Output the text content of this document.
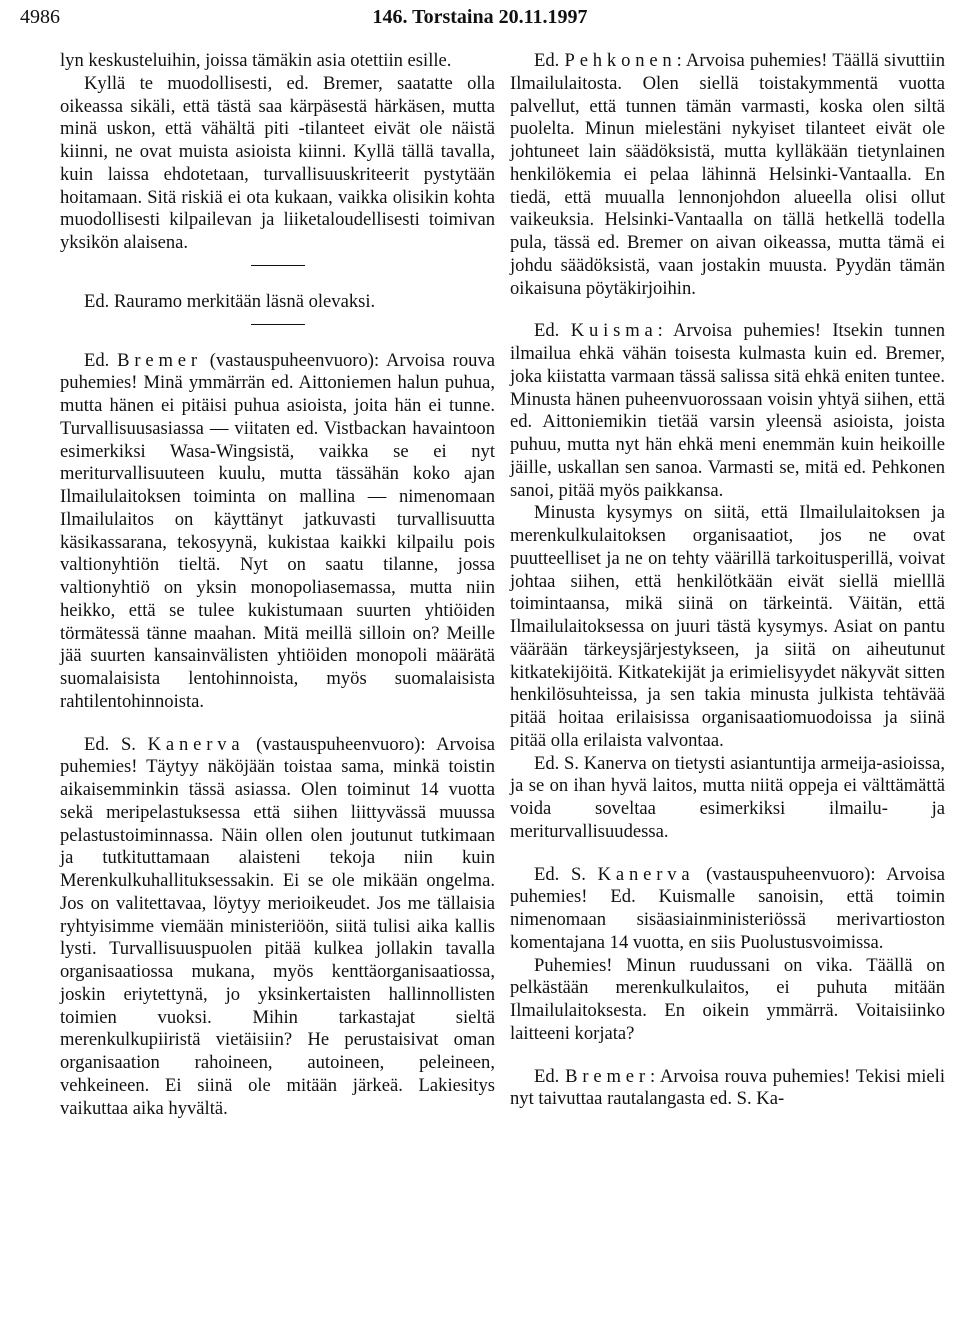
4986	146. Torstaina 20.11.1997

lyn keskusteluihin, joissa tämäkin asia otettiin esille.

Kyllä te muodollisesti, ed. Bremer, saatatte olla oikeassa sikäli, että tästä saa kärpäsestä härkäsen, mutta minä uskon, että vähältä piti -tilanteet eivät ole näistä kiinni, ne ovat muista asioista kiinni. Kyllä tällä tavalla, kuin laissa ehdotetaan, turvallisuuskriteerit pystytään hoitamaan. Sitä riskiä ei ota kukaan, vaikka olisikin kohta muodollisesti kilpailevan ja liiketaloudellisesti toimivan yksikön alaisena.

Ed. Rauramo merkitään läsnä olevaksi.

Ed. Bremer (vastauspuheenvuoro): Arvoisa rouva puhemies! Minä ymmärrän ed. Aittoniemen halun puhua, mutta hänen ei pitäisi puhua asioista, joita hän ei tunne. Turvallisuusasiassa — viitaten ed. Vistbackan havaintoon esimerkiksi Wasa-Wingsistä, vaikka se ei nyt meriturvallisuuteen kuulu, mutta tässähän koko ajan Ilmailulaitoksen toiminta on mallina — nimenomaan Ilmailulaitos on käyttänyt jatkuvasti turvallisuutta käsikassarana, tekosyynä, kukistaa kaikki kilpailu pois valtionyhtiön tieltä. Nyt on saatu tilanne, jossa valtionyhtiö on yksin monopoliasemassa, mutta niin heikko, että se tulee kukistumaan suurten yhtiöiden törmätessä tänne maahan. Mitä meillä silloin on? Meille jää suurten kansainvälisten yhtiöiden monopoli määrätä suomalaisista lentohinnoista, myös suomalaisista rahtilentohinnoista.

Ed. S. Kanerva (vastauspuheenvuoro): Arvoisa puhemies! Täytyy näköjään toistaa sama, minkä toistin aikaisemminkin tässä asiassa. Olen toiminut 14 vuotta sekä meripelastuksessa että siihen liittyvässä muussa pelastustoiminnassa. Näin ollen olen joutunut tutkimaan ja tutkituttamaan alaisteni tekoja niin kuin Merenkulkuhallituksessakin. Ei se ole mikään ongelma. Jos on valitettavaa, löytyy merioikeudet. Jos me tällaisia ryhtyisimme viemään ministeriöön, siitä tulisi aika kallis lysti. Turvallisuuspuolen pitää kulkea jollakin tavalla organisaatiossa mukana, myös kenttäorganisaatiossa, joskin eriytettynä, jo yksinkertaisten hallinnollisten toimien vuoksi. Mihin tarkastajat sieltä merenkulkupiiristä vietäisiin? He perustaisivat oman organisaation rahoineen, autoineen, peleineen, vehkeineen. Ei siinä ole mitään järkeä. Lakiesitys vaikuttaa aika hyvältä.

Ed. Pehkonen: Arvoisa puhemies! Täällä sivuttiin Ilmailulaitosta. Olen siellä toistakymmentä vuotta palvellut, että tunnen tämän varmasti, koska olen siltä puolelta. Minun mielestäni nykyiset tilanteet eivät ole johtuneet lain säädöksistä, mutta kylläkään tietynlainen henkilökemia ei pelaa lähinnä Helsinki-Vantaalla. En tiedä, että muualla lennonjohdon alueella olisi ollut vaikeuksia. Helsinki-Vantaalla on tällä hetkellä todella pula, tässä ed. Bremer on aivan oikeassa, mutta tämä ei johdu säädöksistä, vaan jostakin muusta. Pyydän tämän oikaisuna pöytäkirjoihin.

Ed. Kuisma: Arvoisa puhemies! Itsekin tunnen ilmailua ehkä vähän toisesta kulmasta kuin ed. Bremer, joka kiistatta varmaan tässä salissa sitä ehkä eniten tuntee. Minusta hänen puheenvuorossaan voisin yhtyä siihen, että ed. Aittoniemikin tietää varsin yleensä asioista, joista puhuu, mutta nyt hän ehkä meni enemmän kuin heikoille jäille, uskallan sen sanoa. Varmasti se, mitä ed. Pehkonen sanoi, pitää myös paikkansa.

Minusta kysymys on siitä, että Ilmailulaitoksen ja merenkulkulaitoksen organisaatiot, jos ne ovat puutteelliset ja ne on tehty väärillä tarkoitusperillä, voivat johtaa siihen, että henkilötkään eivät siellä mielllä toimintaansa, mikä siinä on tärkeintä. Väitän, että Ilmailulaitoksessa on juuri tästä kysymys. Asiat on pantu väärään tärkeysjärjestykseen, ja siitä on aiheutunut kitkatekijöitä. Kitkatekijät ja erimielisyydet näkyvät sitten henkilösuhteissa, ja sen takia minusta julkista tehtävää pitää hoitaa erilaisissa organisaatiomuodoissa ja siinä pitää olla erilaista valvontaa.

Ed. S. Kanerva on tietysti asiantuntija armeija-asioissa, ja se on ihan hyvä laitos, mutta niitä oppeja ei välttämättä voida soveltaa esimerkiksi ilmailu- ja meriturvallisuudessa.

Ed. S. Kanerva (vastauspuheenvuoro): Arvoisa puhemies! Ed. Kuismalle sanoisin, että toimin nimenomaan sisäasiainministeriössä merivartioston komentajana 14 vuotta, en siis Puolustusvoimissa.

Puhemies! Minun ruudussani on vika. Täällä on pelkästään merenkulkulaitos, ei puhuta mitään Ilmailulaitoksesta. En oikein ymmärrä. Voitaisiinko laitteeni korjata?

Ed. Bremer: Arvoisa rouva puhemies! Tekisi mieli nyt taivuttaa rautalangasta ed. S. Ka-
